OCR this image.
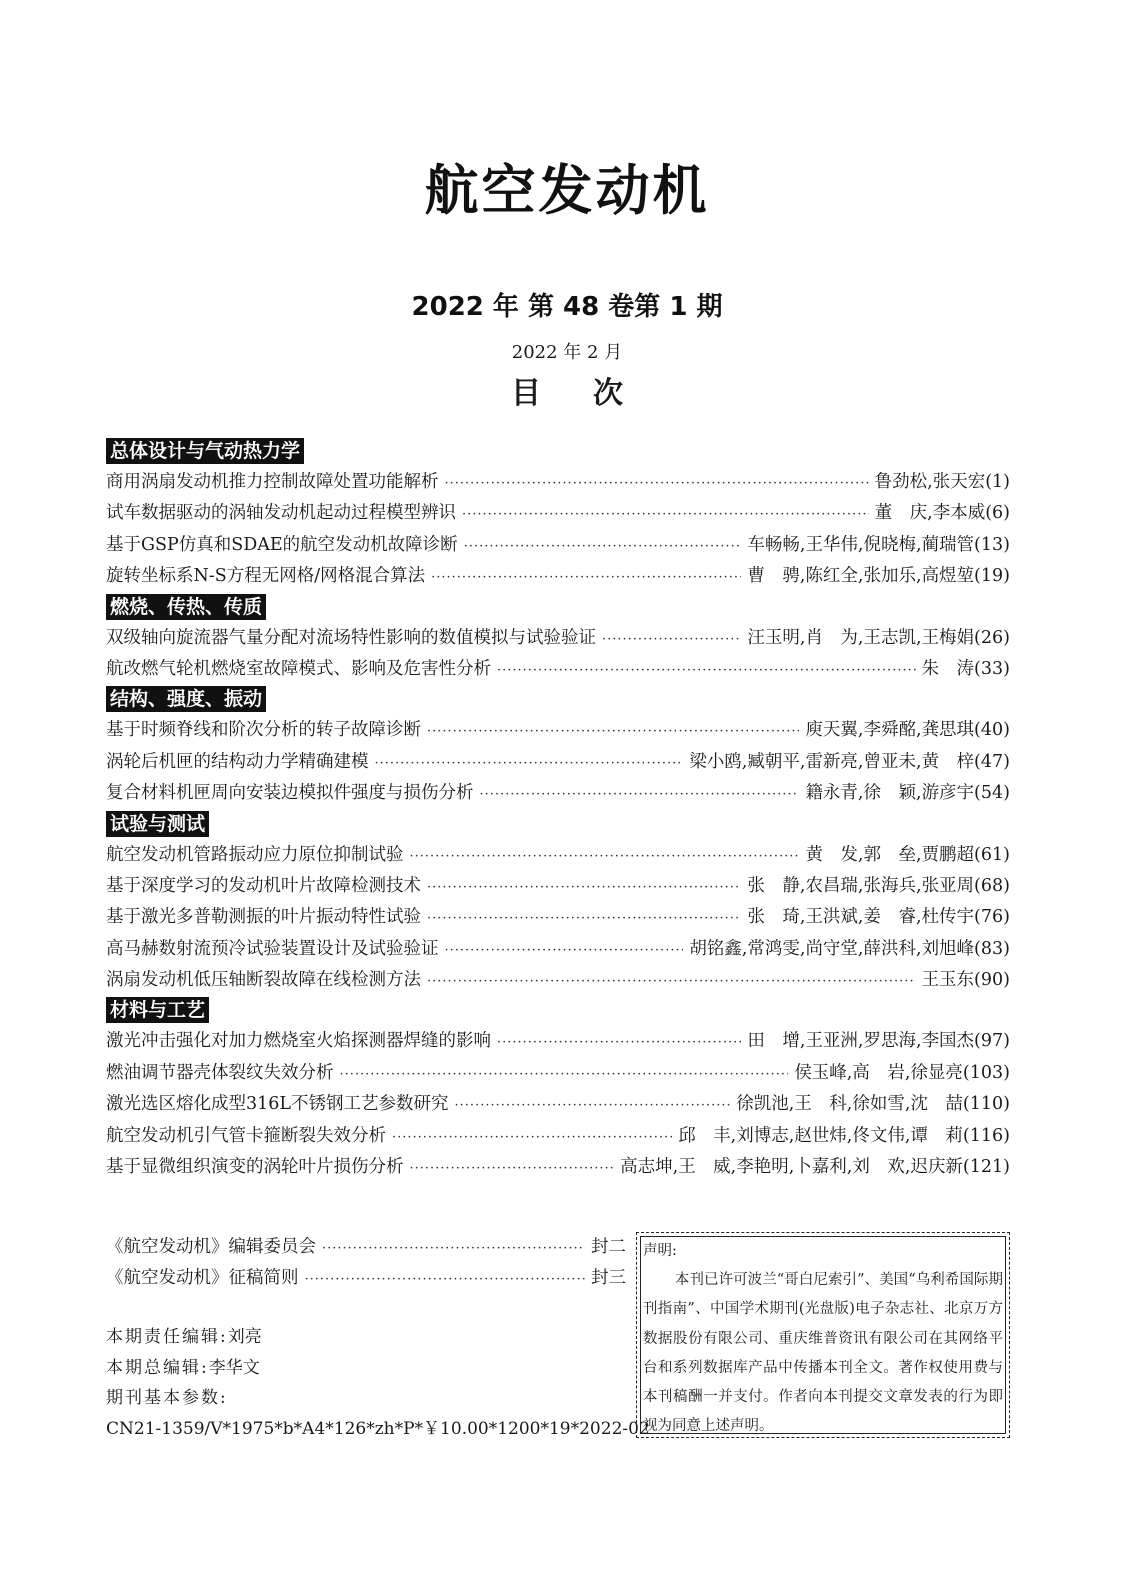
航空发动机
2022 年 第 48 卷第 1 期
2022 年 2 月
目次
总体设计与气动热力学
商用涡扇发动机推力控制故障处置功能解析 ·····	鲁劲松,张天宏(1)
试车数据驱动的涡轴发动机起动过程模型辨识 ·····	董　庆,李本威(6)
基于GSP仿真和SDAE的航空发动机故障诊断 ·····	车畅畅,王华伟,倪晓梅,蔺瑞管(13)
旋转坐标系N-S方程无网格/网格混合算法 ·····	曹　骋,陈红全,张加乐,高煜堃(19)
燃烧、传热、传质
双级轴向旋流器气量分配对流场特性影响的数值模拟与试验验证 ·····	汪玉明,肖　为,王志凯,王梅娟(26)
航改燃气轮机燃烧室故障模式、影响及危害性分析 ·····	朱　涛(33)
结构、强度、振动
基于时频脊线和阶次分析的转子故障诊断 ·····	庾天翼,李舜酩,龚思琪(40)
涡轮后机匣的结构动力学精确建模 ·····	梁小鸥,臧朝平,雷新亮,曾亚未,黄　梓(47)
复合材料机匣周向安装边模拟件强度与损伤分析 ·····	籍永青,徐　颖,游彦宇(54)
试验与测试
航空发动机管路振动应力原位抑制试验 ·····	黄　发,郭　垒,贾鹏超(61)
基于深度学习的发动机叶片故障检测技术 ·····	张　静,农昌瑞,张海兵,张亚周(68)
基于激光多普勒测振的叶片振动特性试验 ·····	张　琦,王洪斌,姜　睿,杜传宇(76)
高马赫数射流预冷试验装置设计及试验验证 ·····	胡铭鑫,常鸿雯,尚守堂,薛洪科,刘旭峰(83)
涡扇发动机低压轴断裂故障在线检测方法 ·····	王玉东(90)
材料与工艺
激光冲击强化对加力燃烧室火焰探测器焊缝的影响 ·····	田　增,王亚洲,罗思海,李国杰(97)
燃油调节器壳体裂纹失效分析 ·····	侯玉峰,高　岩,徐显亮(103)
激光选区熔化成型316L不锈钢工艺参数研究 ·····	徐凯池,王　科,徐如雪,沈　喆(110)
航空发动机引气管卡箍断裂失效分析 ·····	邱　丰,刘博志,赵世炜,佟文伟,谭　莉(116)
基于显微组织演变的涡轮叶片损伤分析 ·····	高志坤,王　威,李艳明,卜嘉利,刘　欢,迟庆新(121)
《航空发动机》编辑委员会 ·····	封二
《航空发动机》征稿简则 ·····	封三
本期责任编辑:刘亮
本期总编辑:李华文
期刊基本参数:
CN21-1359/V*1975*b*A4*126*zh*P*￥10.00*1200*19*2022-02
声明:
本刊已许可波兰“哥白尼索引”、美国“乌利希国际期刊指南”、中国学术期刊(光盘版)电子杂志社、北京万方数据股份有限公司、重庆维普资讯有限公司在其网络平台和系列数据库产品中传播本刊全文。著作权使用费与本刊稿酬一并支付。作者向本刊提交文章发表的行为即视为同意上述声明。
